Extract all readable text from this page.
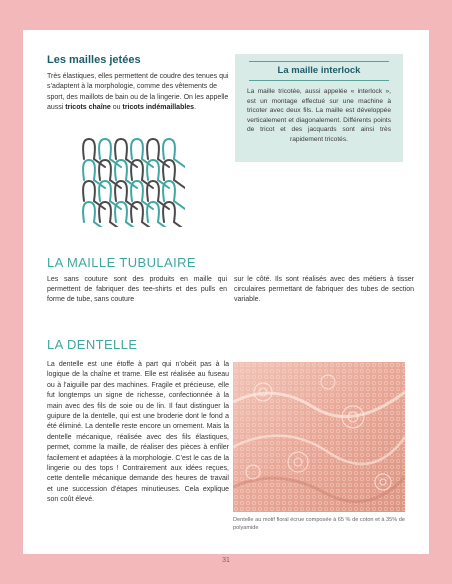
Les mailles jetées

Très élastiques, elles permettent de coudre des tenues qui s’adaptent à la morphologie, comme des vêtements de sport, des maillots de bain ou de la lingerie. On les appelle aussi tricots chaîne ou tricots indémaillables.

La maille interlock

La maille tricotée, aussi appelée « interlock », est un montage effectué sur une machine à tricoter avec deux fils. La maille est développée verticalement et diagonalement. Différents points de tricot et des jacquards sont ainsi très rapidement tricotés.

LA MAILLE TUBULAIRE

Les sans couture sont des produits en maille qui permettent de fabriquer des tee-shirts et des pulls en forme de tube, sans couture

sur le côté. Ils sont réalisés avec des métiers à tisser circulaires permettant de fabriquer des tubes de section variable.

LA DENTELLE

La dentelle est une étoffe à part qui n’obéit pas à la logique de la chaîne et trame. Elle est réalisée au fuseau ou à l’aiguille par des machines. Fragile et précieuse, elle fut longtemps un signe de richesse, confectionnée à la main avec des fils de soie ou de lin. Il faut distinguer la guipure de la dentelle, qui est une broderie dont le fond a été éliminé. La dentelle reste encore un ornement. Mais la dentelle mécanique, réalisée avec des fils élastiques, permet, comme la maille, de réaliser des pièces à enfiler facilement et adaptées à la morphologie. C’est le cas de la lingerie ou des tops ! Contrairement aux idées reçues, cette dentelle mécanique demande des heures de travail et une succession d’étapes minutieuses. Cela explique son coût élevé.

Dentelle au motif floral écrue composée à 65 % de coton et à 35% de polyamide

31
